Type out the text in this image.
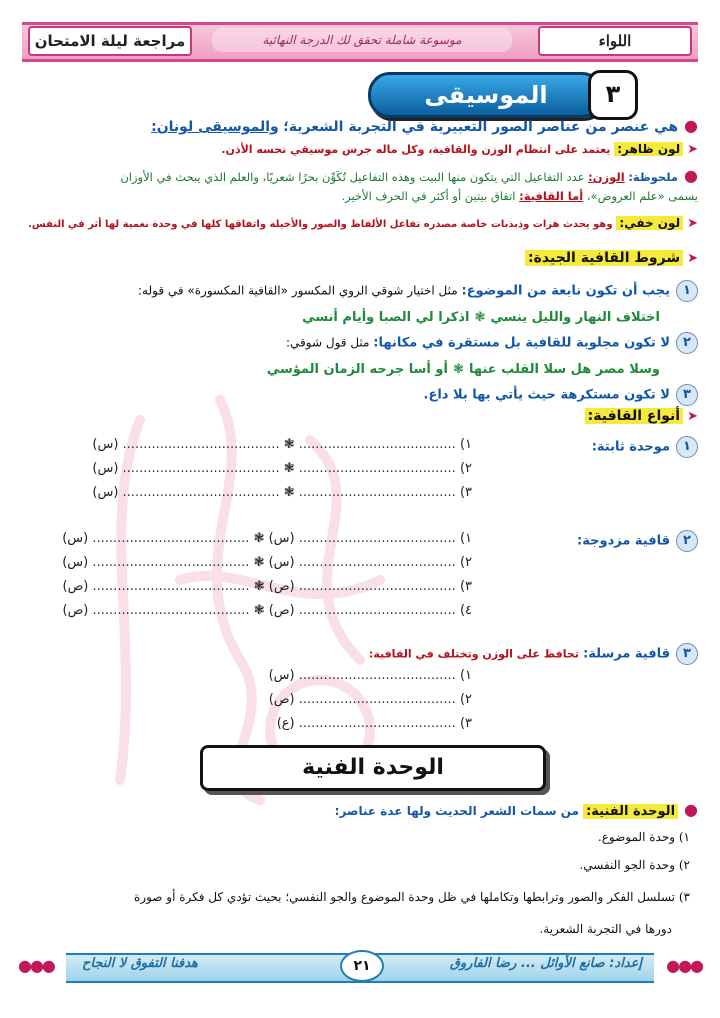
اللواء
موسوعة شاملة تحقق لك الدرجة النهائية
مراجعة ليلة الامتحان
الموسيقى	٣
●هي عنصر من عناصر الصور التعبيرية في التجربة الشعرية؛ والموسيقى لونان:
➤لون ظاهر: يعتمد على انتظام الوزن والقافية، وكل ماله جرس موسيقي تحسه الأذن.
●ملحوظة: الوزن: عدد التفاعيل التي يتكون منها البيت وهذه التفاعيل تُكَوِّن بحرًا شعريًا، والعلم الذي يبحث في الأوزان
يسمى «علم العروض»، أما القافية: اتفاق بيتين أو أكثر في الحرف الأخير.
➤لون خفي: وهو يحدث هزات وذبذبات خاصة مصدره تفاعل الألفاظ والصور والأخيلة واتفاقها كلها في وحدة نغمية لها أثر في النفس.
➤شروط القافية الجيدة:
١يجب أن تكون نابعة من الموضوع: مثل اختيار شوقي الروي المكسور «القافية المكسورة» في قوله:
اختلاف النهار والليل ينسي ❃ اذكرا لي الصبا وأيام أنسي
٢لا تكون مجلوبة للقافية بل مستقرة في مكانها: مثل قول شوقي:
وسلا مصر هل سلا القلب عنها ❃ أو أسا جرحه الزمان المؤسي
٣لا تكون مستكرهة حيث يأتي بها بلا داع.
➤أنواع القافية:
١موحدة ثابتة:
١) ...................................... ❃ ...................................... (س)
٢) ...................................... ❃ ...................................... (س)
٣) ...................................... ❃ ...................................... (س)
٢قافية مزدوجة:
١) ...................................... (س) ❃ ...................................... (س)
٢) ...................................... (س) ❃ ...................................... (س)
٣) ...................................... (ص) ❃ ...................................... (ص)
٤) ...................................... (ص) ❃ ...................................... (ص)
٣قافية مرسلة: تحافظ على الوزن وتختلف في القافية:
١) ...................................... (س)
٢) ...................................... (ص)
٣) ...................................... (ع)
الوحدة الفنية
●الوحدة الفنية: من سمات الشعر الحديث ولها عدة عناصر:
١) وحدة الموضوع.
٢) وحدة الجو النفسي.
٣) تسلسل الفكر والصور وترابطها وتكاملها في ظل وحدة الموضوع والجو النفسي؛ بحيث تؤدي كل فكرة أو صورة
دورها في التجربة الشعرية.
●●●
●●●	إعداد: صانع الأوائل ... رضا الفاروق
٢١
هدفنا التفوق لا النجاح
